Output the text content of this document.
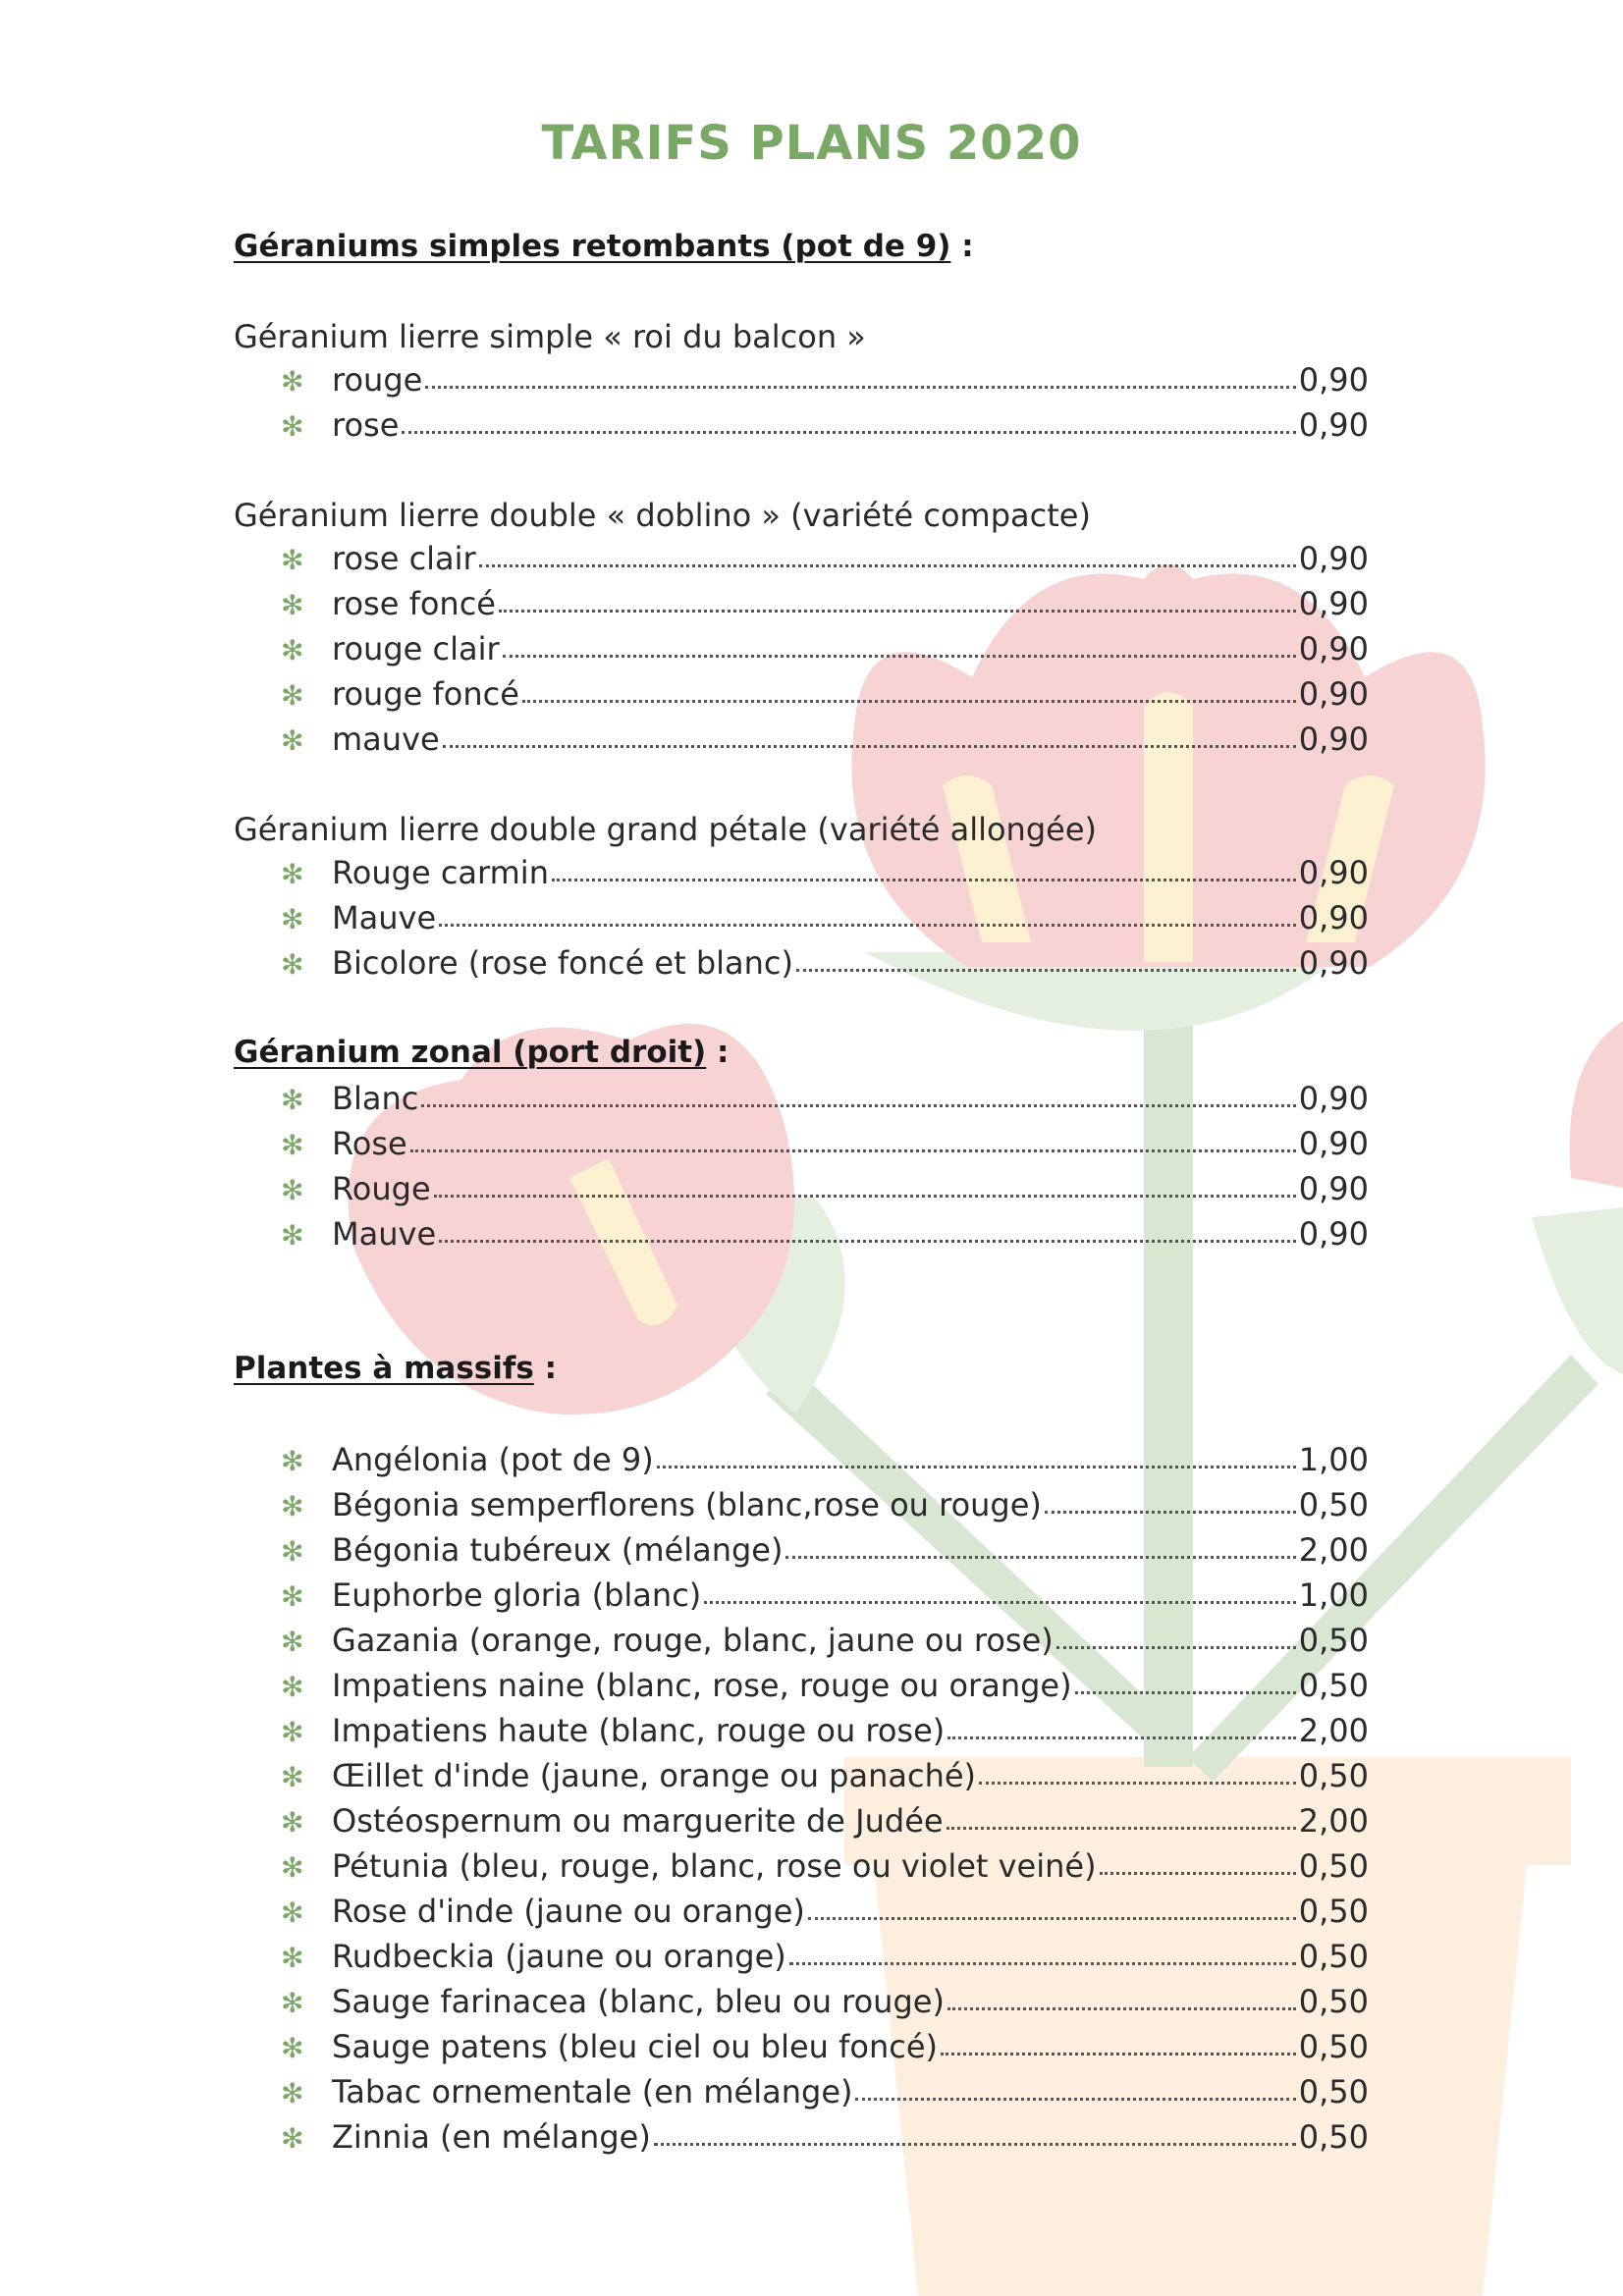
TARIFS PLANS 2020
Géraniums simples retombants (pot de 9) :
Géranium lierre simple « roi du balcon »
✻ rouge	0,90
✻ rose	0,90
Géranium lierre double « doblino » (variété compacte)
✻ rose clair	0,90
✻ rose foncé	0,90
✻ rouge clair	0,90
✻ rouge foncé	0,90
✻ mauve	0,90
Géranium lierre double grand pétale (variété allongée)
✻ Rouge carmin	0,90
✻ Mauve	0,90
✻ Bicolore (rose foncé et blanc)	0,90
Géranium zonal (port droit) :
✻ Blanc	0,90
✻ Rose	0,90
✻ Rouge	0,90
✻ Mauve	0,90
Plantes à massifs :
✻ Angélonia (pot de 9)	1,00
✻ Bégonia semperflorens (blanc,rose ou rouge)	0,50
✻ Bégonia tubéreux (mélange)	2,00
✻ Euphorbe gloria (blanc)	1,00
✻ Gazania (orange, rouge, blanc, jaune ou rose)	0,50
✻ Impatiens naine (blanc, rose, rouge ou orange)	0,50
✻ Impatiens haute (blanc, rouge ou rose)	2,00
✻ Œillet d'inde (jaune, orange ou panaché)	0,50
✻ Ostéospernum ou marguerite de Judée	2,00
✻ Pétunia (bleu, rouge, blanc, rose ou violet veiné)	0,50
✻ Rose d'inde (jaune ou orange)	0,50
✻ Rudbeckia (jaune ou orange)	0,50
✻ Sauge farinacea (blanc, bleu ou rouge)	0,50
✻ Sauge patens (bleu ciel ou bleu foncé)	0,50
✻ Tabac ornementale (en mélange)	0,50
✻ Zinnia (en mélange)	0,50
